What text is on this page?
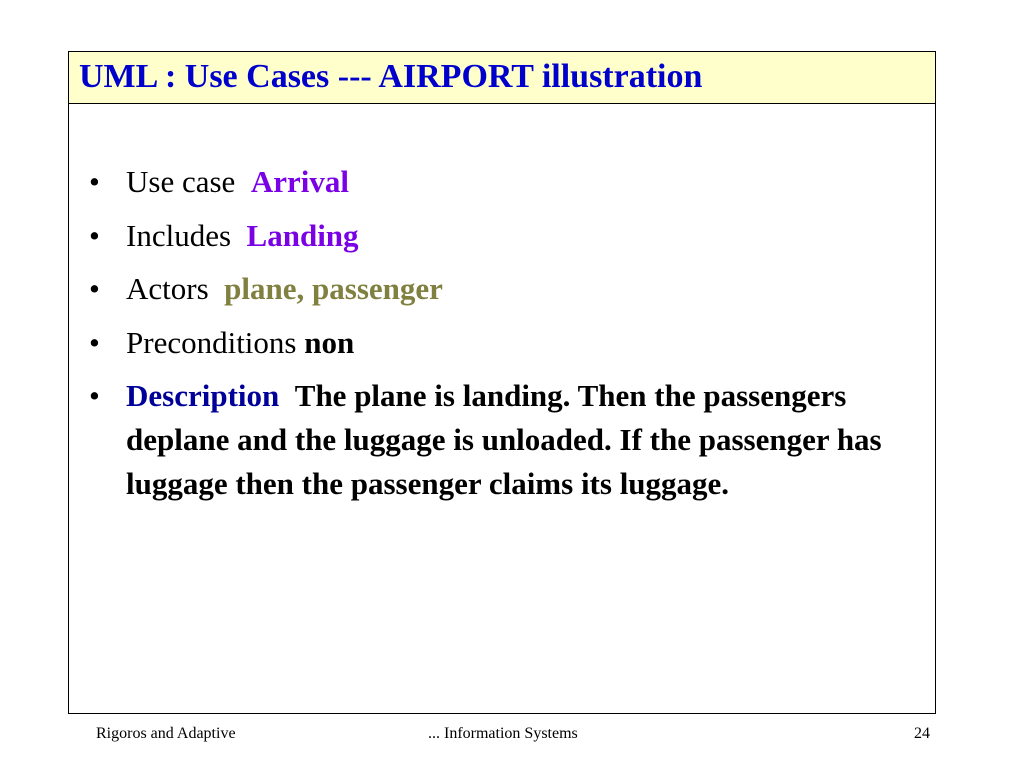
UML : Use Cases --- AIRPORT illustration
• Use case Arrival
• Includes Landing
• Actors plane, passenger
• Preconditions non
• Description The plane is landing. Then the passengers deplane and the luggage is unloaded. If the passenger has luggage then the passenger claims its luggage.
Rigoros and Adaptive	... Information Systems	24
